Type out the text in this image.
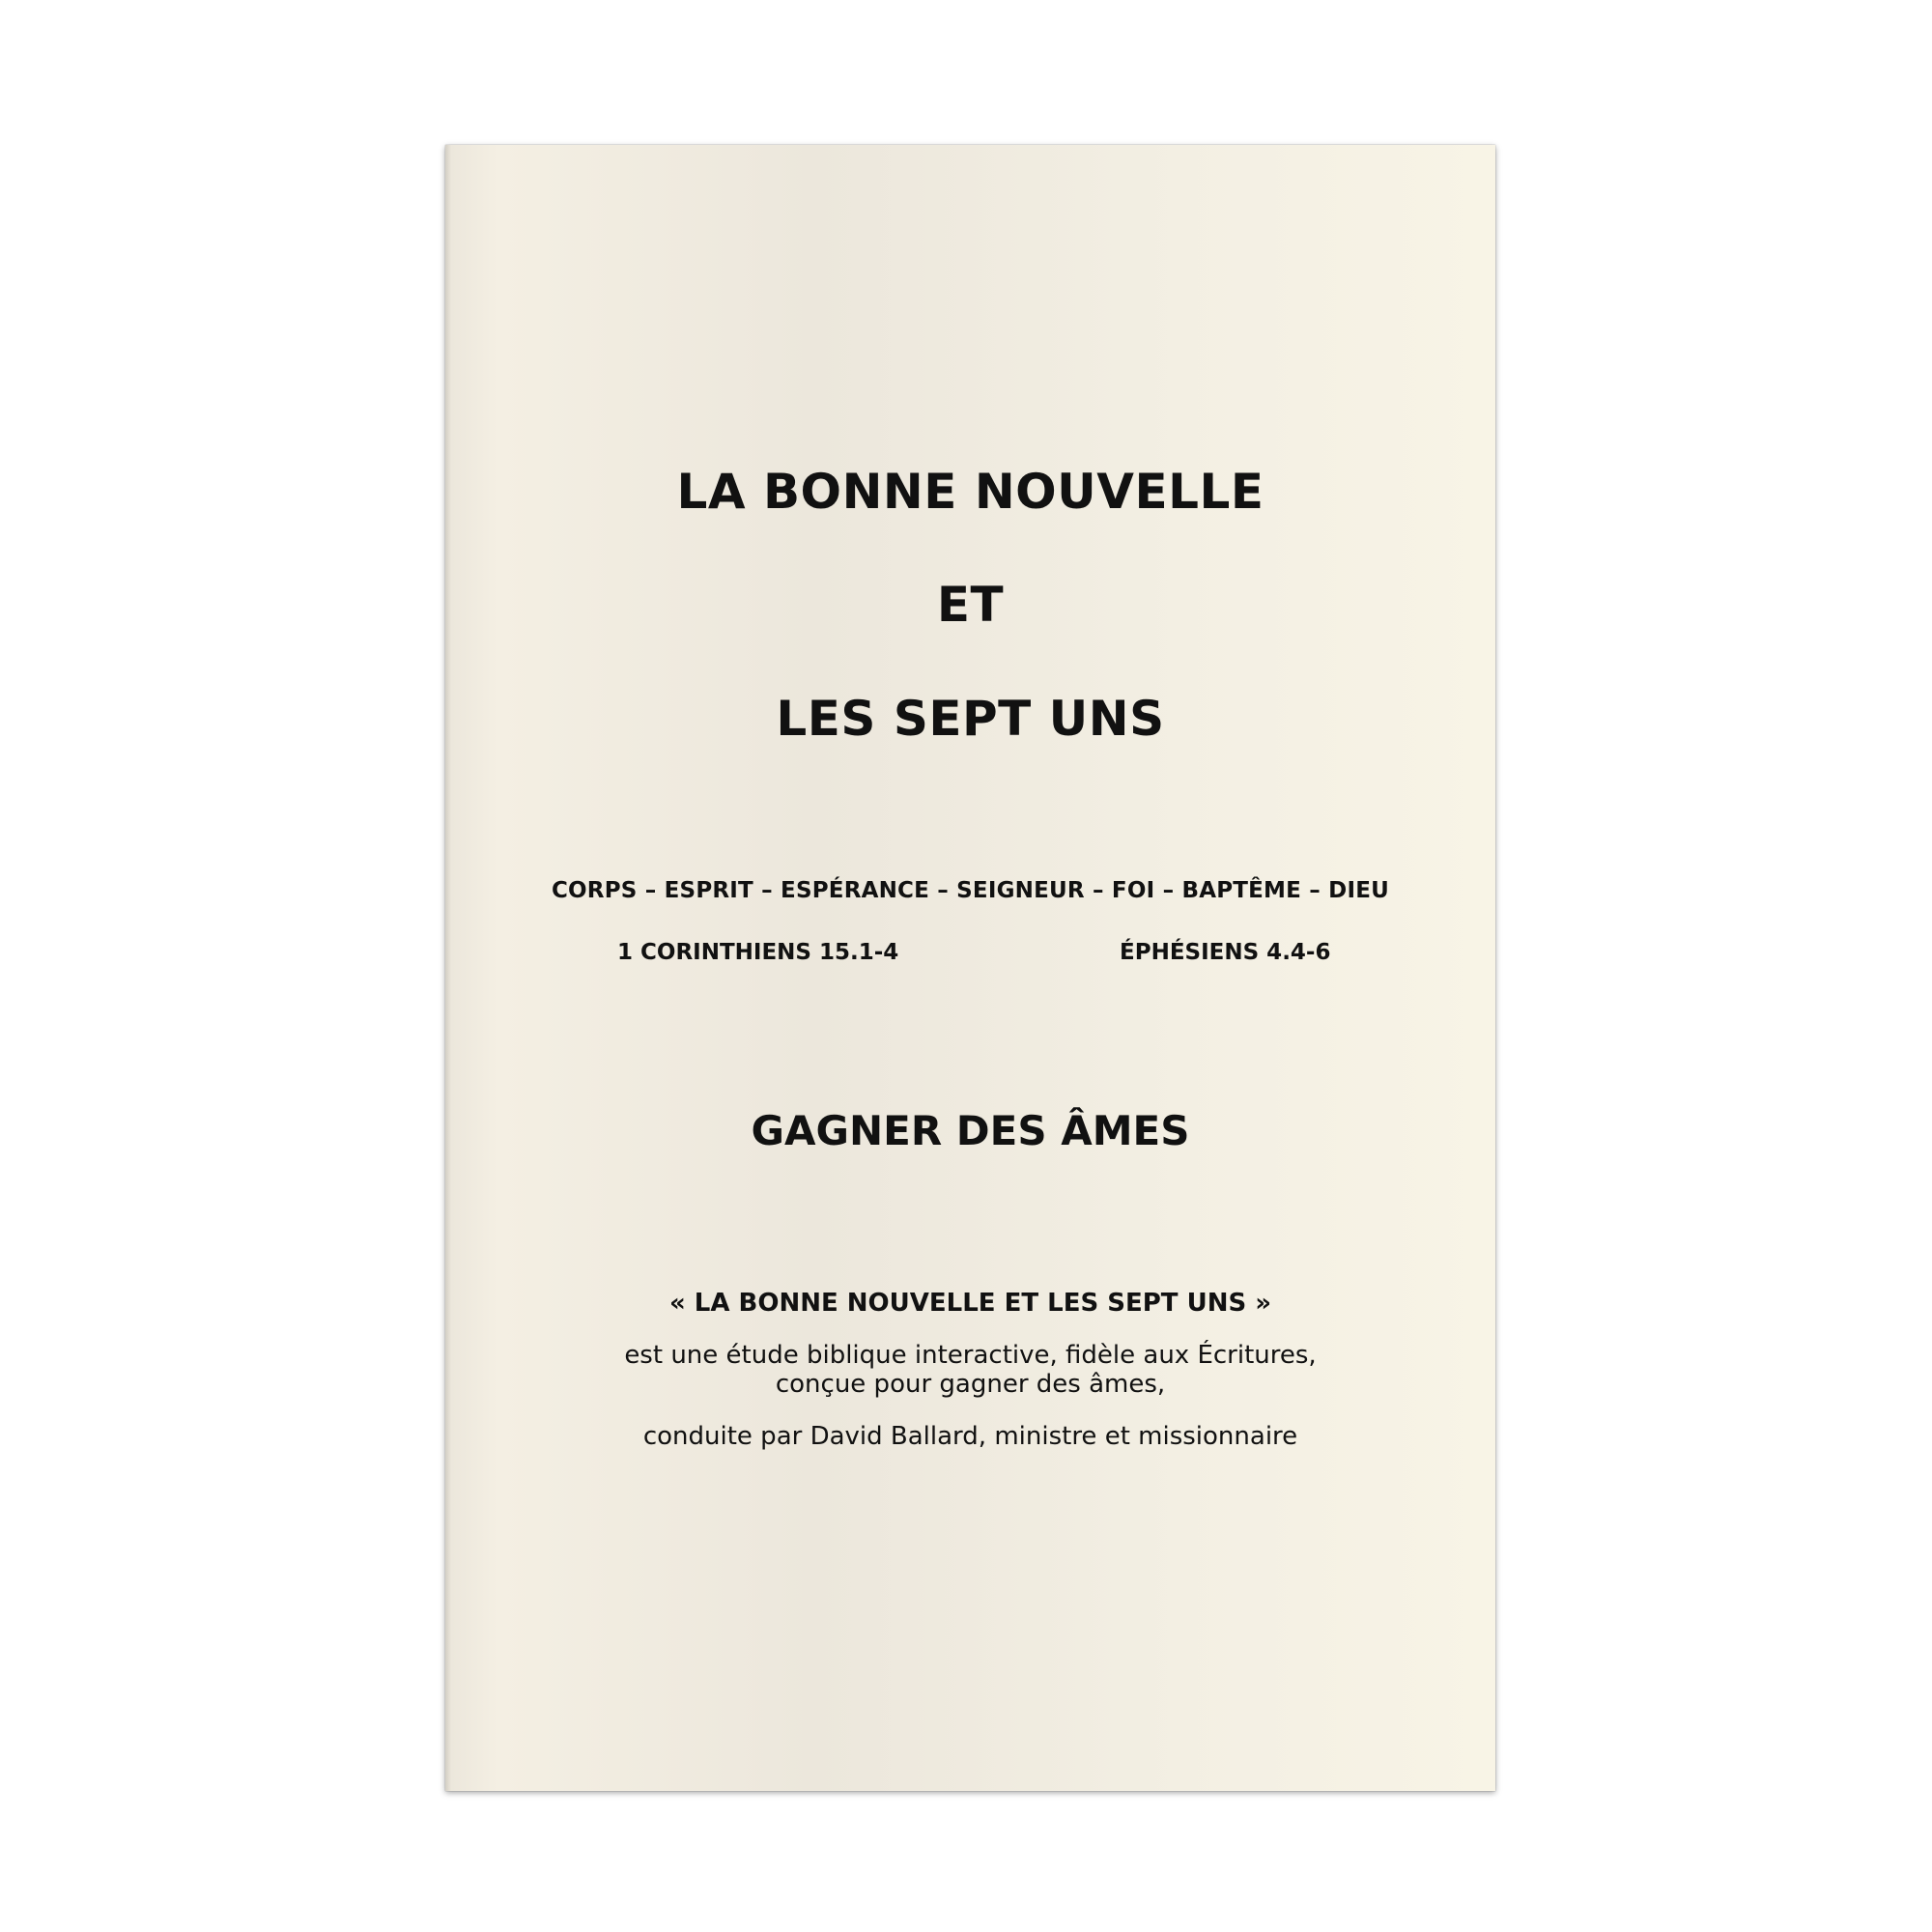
LA BONNE NOUVELLE
ET
LES SEPT UNS
CORPS – ESPRIT – ESPÉRANCE – SEIGNEUR – FOI – BAPTÊME – DIEU
1 CORINTHIENS 15.1-4	ÉPHÉSIENS 4.4-6
GAGNER DES ÂMES
« LA BONNE NOUVELLE ET LES SEPT UNS »
est une étude biblique interactive, fidèle aux Écritures,
conçue pour gagner des âmes,
conduite par David Ballard, ministre et missionnaire
